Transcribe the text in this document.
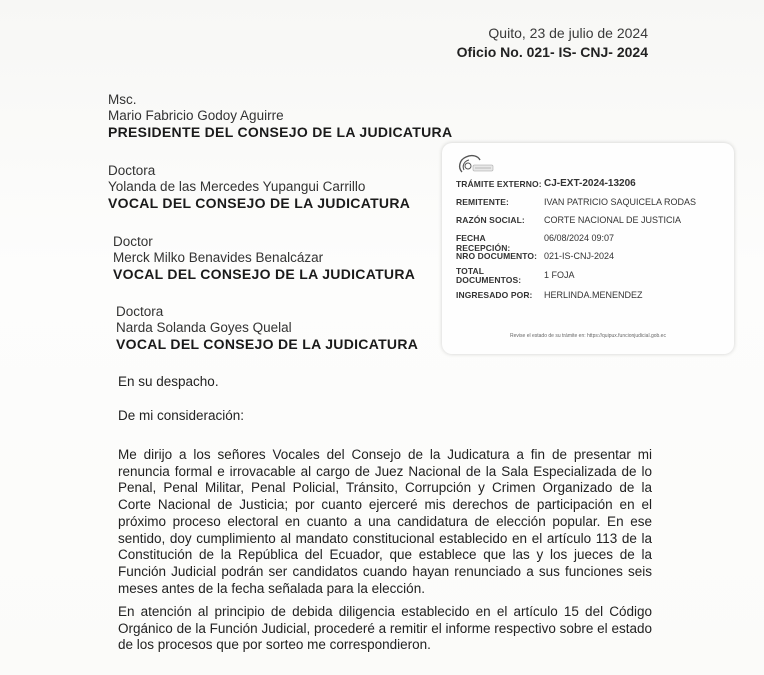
Quito, 23 de julio de 2024
Oficio No. 021- IS- CNJ- 2024
Msc.
Mario Fabricio Godoy Aguirre
PRESIDENTE DEL CONSEJO DE LA JUDICATURA
Doctora
Yolanda de las Mercedes Yupangui Carrillo
VOCAL DEL CONSEJO DE LA JUDICATURA
Doctor
Merck Milko Benavides Benalcázar
VOCAL DEL CONSEJO DE LA JUDICATURA
Doctora
Narda Solanda Goyes Quelal
VOCAL DEL CONSEJO DE LA JUDICATURA
TRÁMITE EXTERNO: CJ-EXT-2024-13206
REMITENTE:	IVAN PATRICIO SAQUICELA RODAS
RAZÓN SOCIAL:	CORTE NACIONAL DE JUSTICIA
FECHA RECEPCIÓN:
06/08/2024 09:07
NRO DOCUMENTO: 021-IS-CNJ-2024
TOTAL
DOCUMENTOS:	1 FOJA
INGRESADO POR:	HERLINDA.MENENDEZ
Revise el estado de su trámite en: https://quipux.funcionjudicial.gob.ec
En su despacho.
De mi consideración:
Me dirijo a los señores Vocales del Consejo de la Judicatura a fin de presentar mi renuncia formal e irrovacable al cargo de Juez Nacional de la Sala Especializada de lo Penal, Penal Militar, Penal Policial, Tránsito, Corrupción y Crimen Organizado de la Corte Nacional de Justicia; por cuanto ejerceré mis derechos de participación en el próximo proceso electoral en cuanto a una candidatura de elección popular. En ese sentido, doy cumplimiento al mandato constitucional establecido en el artículo 113 de la Constitución de la República del Ecuador, que establece que las y los jueces de la Función Judicial podrán ser candidatos cuando hayan renunciado a sus funciones seis meses antes de la fecha señalada para la elección.
En atención al principio de debida diligencia establecido en el artículo 15 del Código Orgánico de la Función Judicial, procederé a remitir el informe respectivo sobre el estado de los procesos que por sorteo me correspondieron.
